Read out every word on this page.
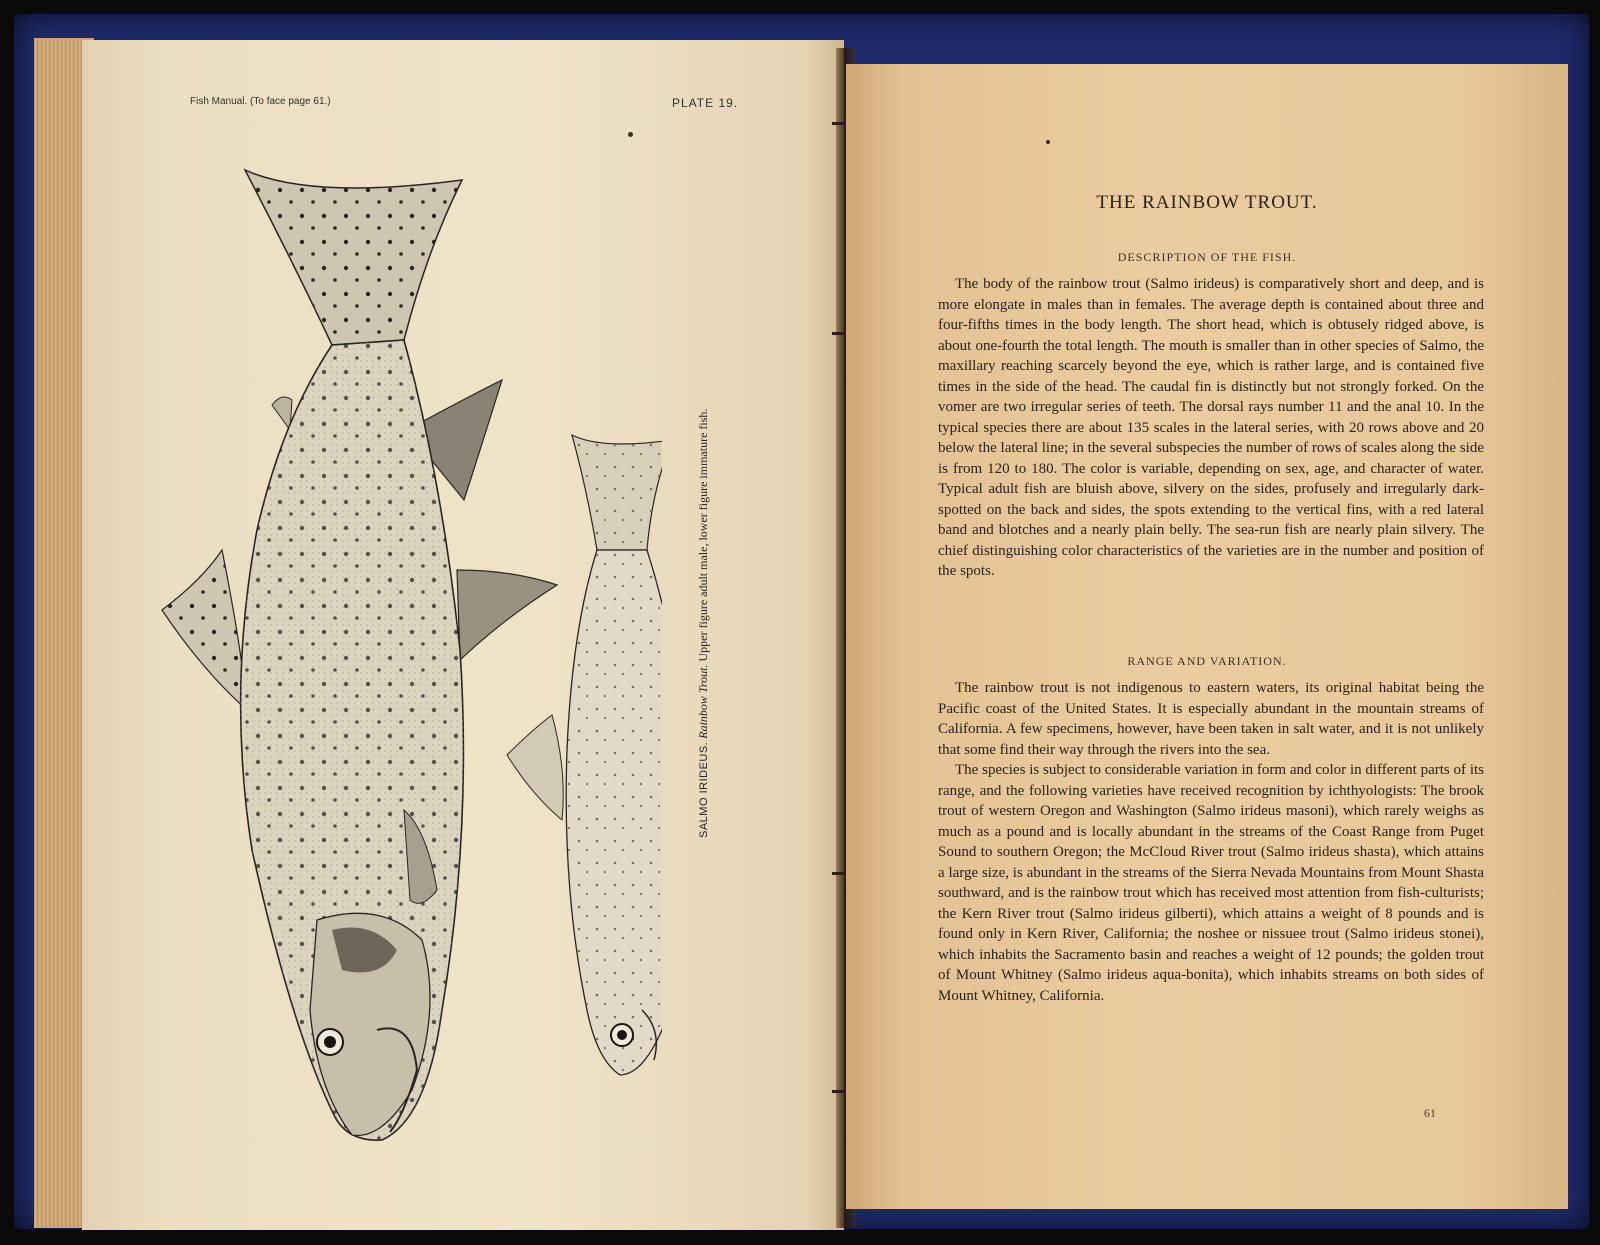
Fish Manual. (To face page 61.)	PLATE 19.
SALMO IRIDEUS. Rainbow Trout. Upper figure adult male, lower figure immature fish.
THE RAINBOW TROUT.
DESCRIPTION OF THE FISH.

The body of the rainbow trout (Salmo irideus) is comparatively short and deep, and is more elongate in males than in females. The average depth is contained about three and four-fifths times in the body length. The short head, which is obtusely ridged above, is about one-fourth the total length. The mouth is smaller than in other species of Salmo, the maxillary reaching scarcely beyond the eye, which is rather large, and is contained five times in the side of the head. The caudal fin is distinctly but not strongly forked. On the vomer are two irregular series of teeth. The dorsal rays number 11 and the anal 10. In the typical species there are about 135 scales in the lateral series, with 20 rows above and 20 below the lateral line; in the several subspecies the number of rows of scales along the side is from 120 to 180. The color is variable, depending on sex, age, and character of water. Typical adult fish are bluish above, silvery on the sides, profusely and irregularly dark-spotted on the back and sides, the spots extending to the vertical fins, with a red lateral band and blotches and a nearly plain belly. The sea-run fish are nearly plain silvery. The chief distinguishing color characteristics of the varieties are in the number and position of the spots.

RANGE AND VARIATION.

The rainbow trout is not indigenous to eastern waters, its original habitat being the Pacific coast of the United States. It is especially abundant in the mountain streams of California. A few specimens, however, have been taken in salt water, and it is not unlikely that some find their way through the rivers into the sea.

The species is subject to considerable variation in form and color in different parts of its range, and the following varieties have received recognition by ichthyologists: The brook trout of western Oregon and Washington (Salmo irideus masoni), which rarely weighs as much as a pound and is locally abundant in the streams of the Coast Range from Puget Sound to southern Oregon; the McCloud River trout (Salmo irideus shasta), which attains a large size, is abundant in the streams of the Sierra Nevada Mountains from Mount Shasta southward, and is the rainbow trout which has received most attention from fish-culturists; the Kern River trout (Salmo irideus gilberti), which attains a weight of 8 pounds and is found only in Kern River, California; the noshee or nissuee trout (Salmo irideus stonei), which inhabits the Sacramento basin and reaches a weight of 12 pounds; the golden trout of Mount Whitney (Salmo irideus aqua-bonita), which inhabits streams on both sides of Mount Whitney, California.

61
